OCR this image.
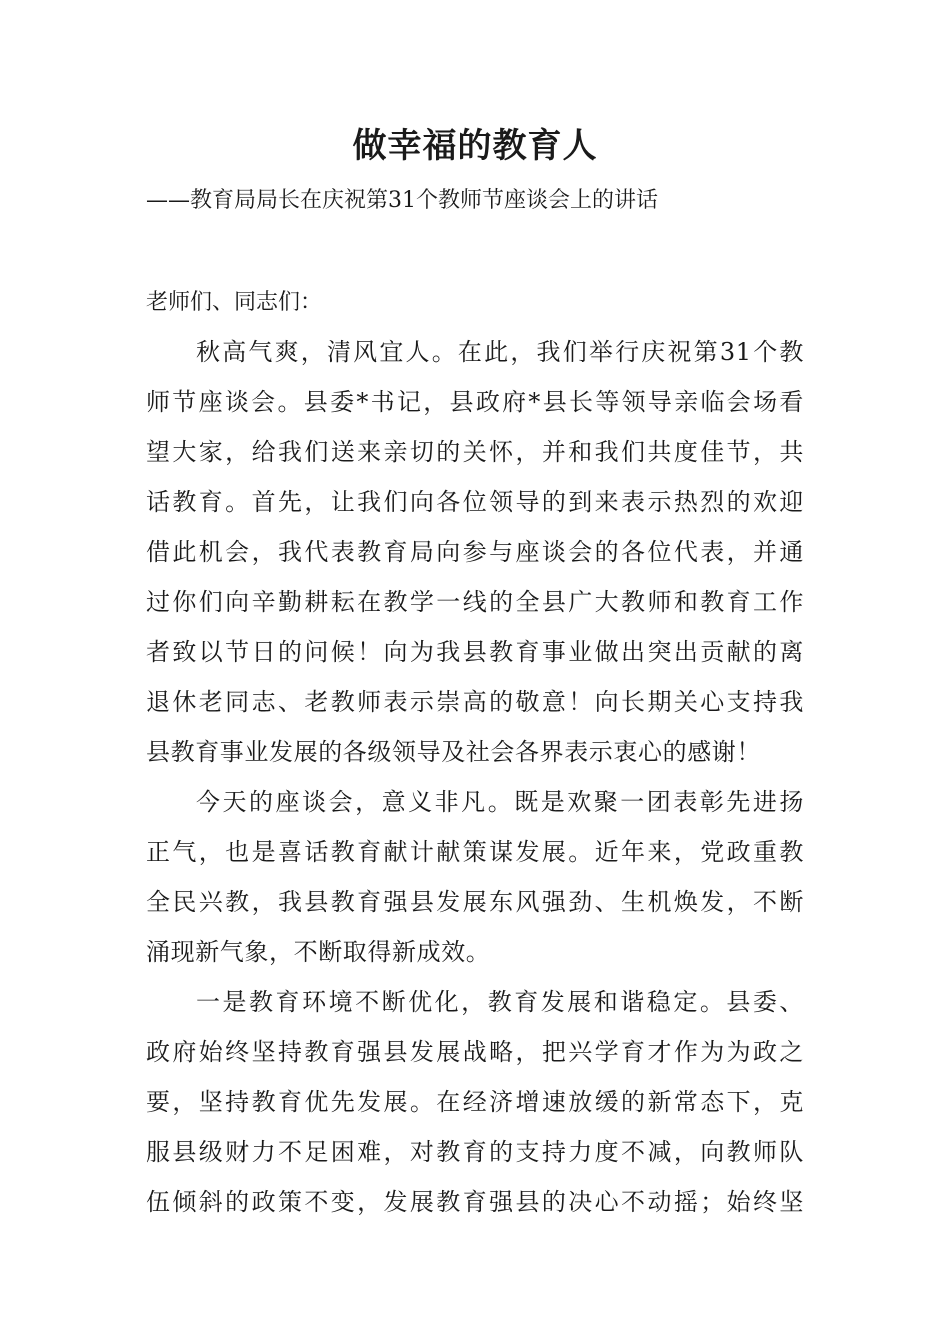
做幸福的教育人
——教育局局长在庆祝第31个教师节座谈会上的讲话
老师们、同志们：
秋高气爽，清风宜人。在此，我们举行庆祝第31个教
师节座谈会。县委*书记，县政府*县长等领导亲临会场看
望大家，给我们送来亲切的关怀，并和我们共度佳节，共
话教育。首先，让我们向各位领导的到来表示热烈的欢迎
借此机会，我代表教育局向参与座谈会的各位代表，并通
过你们向辛勤耕耘在教学一线的全县广大教师和教育工作
者致以节日的问候！向为我县教育事业做出突出贡献的离
退休老同志、老教师表示崇高的敬意！向长期关心支持我
县教育事业发展的各级领导及社会各界表示衷心的感谢！
今天的座谈会，意义非凡。既是欢聚一团表彰先进扬
正气，也是喜话教育献计献策谋发展。近年来，党政重教
全民兴教，我县教育强县发展东风强劲、生机焕发，不断
涌现新气象，不断取得新成效。
一是教育环境不断优化，教育发展和谐稳定。县委、
政府始终坚持教育强县发展战略，把兴学育才作为为政之
要，坚持教育优先发展。在经济增速放缓的新常态下，克
服县级财力不足困难，对教育的支持力度不减，向教师队
伍倾斜的政策不变，发展教育强县的决心不动摇；始终坚
